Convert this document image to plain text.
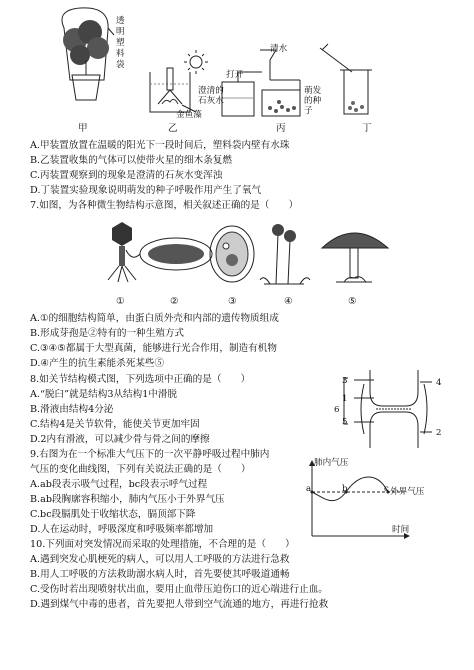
透明塑料袋
金鱼藻
清水
打开
澄清的石灰水
萌发的种子
甲	乙	丙	丁
A.甲装置放置在温暖的阳光下一段时间后，塑料袋内壁有水珠
B.乙装置收集的气体可以使带火星的细木条复燃
C.丙装置观察到的现象是澄清的石灰水变浑浊
D.丁装置实验现象说明萌发的种子呼吸作用产生了氧气
7.如图，为各种微生物结构示意图，相关叙述正确的是（　　）
①	②	③	④	⑤
A.①的细胞结构简单，由蛋白质外壳和内部的遗传物质组成
B.形成芽孢是②特有的一种生殖方式
C.③④⑤都属于大型真菌，能够进行光合作用，制造有机物
D.④产生的抗生素能杀死某些⑤
8.如关节结构模式图，下列选项中正确的是（　　）
A.“脱臼”就是结构3从结构1中滑脱
B.滑液由结构4分泌
C.结构4是关节软骨，能使关节更加牢固
D.2内有滑液，可以减少骨与骨之间的摩擦
3
1
6
5
4
2
9.右图为在一个标准大气压下的一次平静呼吸过程中肺内
气压的变化曲线图，下列有关说法正确的是（　　）
A.ab段表示吸气过程，bc段表示呼气过程
B.ab段胸廓容积缩小，肺内气压小于外界气压
C.bc段膈肌处于收缩状态，膈顶部下降
D.人在运动时，呼吸深度和呼吸频率都增加
肺内气压
时间
外界气压
a	b	c
10.下列面对突发情况而采取的处理措施，不合理的是（　　）
A.遇到突发心肌梗死的病人，可以用人工呼吸的方法进行急救
B.用人工呼吸的方法救助溺水病人时，首先要使其呼吸道通畅
C.受伤时若出现喷射状出血，要用止血带压迫伤口的近心端进行止血。
D.遇到煤气中毒的患者，首先要把人带到空气流通的地方，再进行抢救
